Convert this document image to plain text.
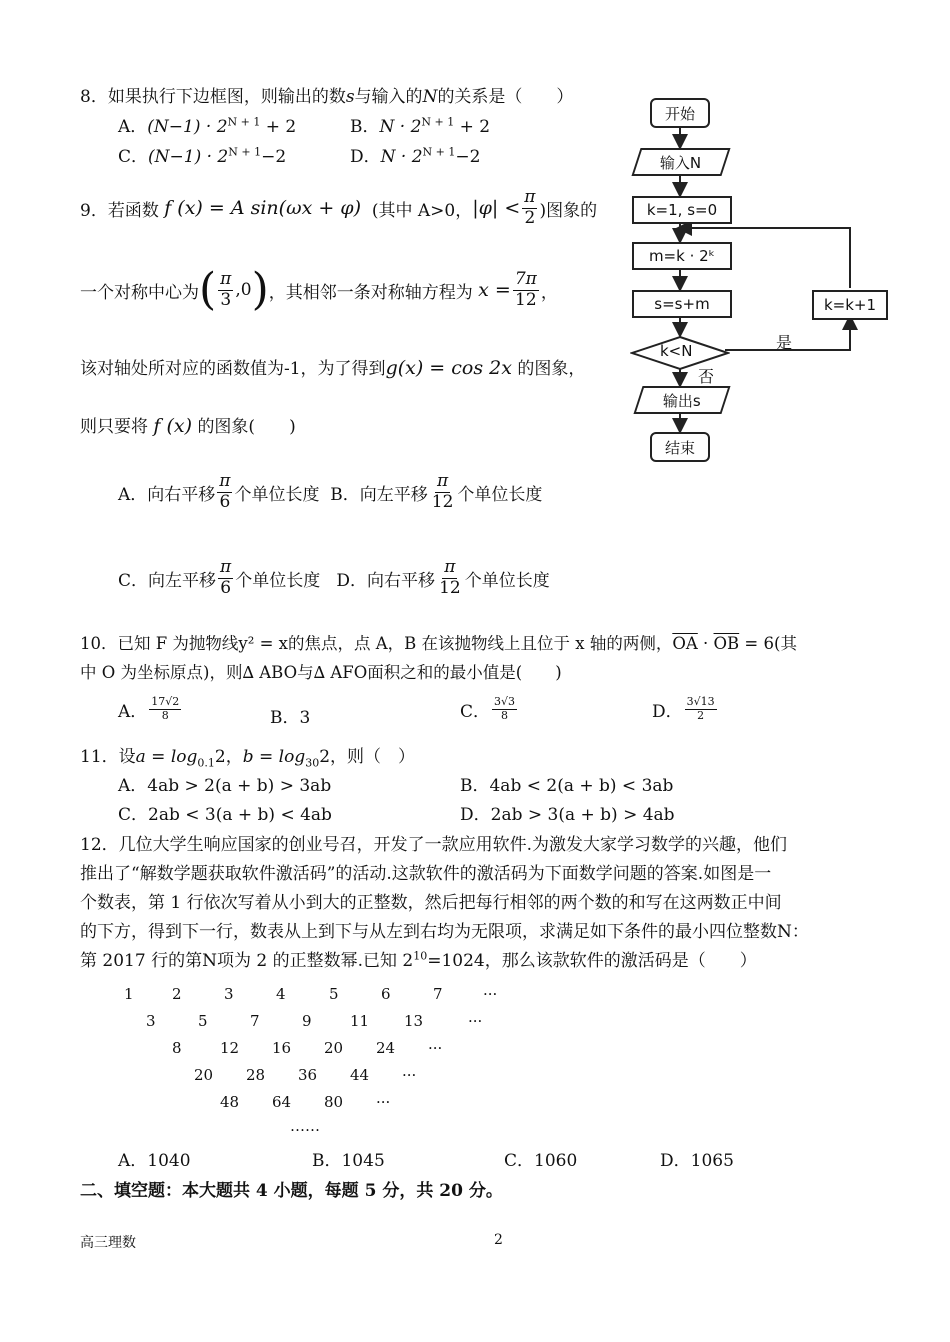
8．如果执行下边框图，则输出的数s与输入的N的关系是（　　）
A．$(N-1) \cdot 2^{N + 1} + 2$	B．$N \cdot 2^{N + 1} + 2$
C．$(N-1) \cdot 2^{N + 1}-2$	D．$N \cdot 2^{N + 1}-2$
开始
输入N
k=1, s=0
m=k · 2ᵏ
s=s+m
k<N	是
否
k=k+1
输出s
结束
9．若函数
f (x) = A sin(ωx + φ)
(其中 A>0， $|\varphi| < \frac{\pi}{2}$ )图象的
一个对称中心为 ( $\frac{\pi}{3} ,0$ ) ，其相邻一条对称轴方程为
$x = \frac{7\pi}{12}$ ，
该对轴处所对应的函数值为-1，为了得到g(x) = cos 2x 的图象，
则只要将 f (x) 的图象(　　)
A．向右平移 $\frac{\pi}{6}$ 个单位长度
B．向左平移 $\frac{\pi}{12}$ 个单位长度
C．向左平移 $\frac{\pi}{6}$ 个单位长度
D．向右平移 $\frac{\pi}{12}$ 个单位长度
10．已知 F 为抛物线y² = x的焦点，点 A，B 在该抛物线上且位于 x 轴的两侧，$\overline{OA} \cdot \overline{OB} = 6$(其
中 O 为坐标原点)，则∆ ABO与∆ AFO面积之和的最小值是(　　)
A． $\frac{17√2}{8}$	B．3	C． $\frac{3√3}{8}$	D． $\frac{3√13}{2}$
11．设$a = \log_{0.1}2$，$b = \log_{30}2$，则（　）
A．4ab > 2(a + b) > 3ab	B．4ab < 2(a + b) < 3ab
C．2ab < 3(a + b) < 4ab	D．2ab > 3(a + b) > 4ab
12．几位大学生响应国家的创业号召，开发了一款应用软件.为激发大家学习数学的兴趣，他们
推出了“解数学题获取软件激活码”的活动.这款软件的激活码为下面数学问题的答案.如图是一
个数表，第 1 行依次写着从小到大的正整数，然后把每行相邻的两个数的和写在这两数正中间
的下方，得到下一行，数表从上到下与从左到右均为无限项，求满足如下条件的最小四位整数N：
第 2017 行的第N项为 2 的正整数幂.已知 $2^{10}=1024$，那么该款软件的激活码是（　　）
1	2	3	4	5	6	7	···
3	5	7	9	11 13	···
8	12 16 20 24 ···
20 28 36 44 ···
48 64 80 ···
……
A．1040	B．1045	C．1060	D．1065
二、填空题：本大题共 4 小题，每题 5 分，共 20 分。
高三理数	2
